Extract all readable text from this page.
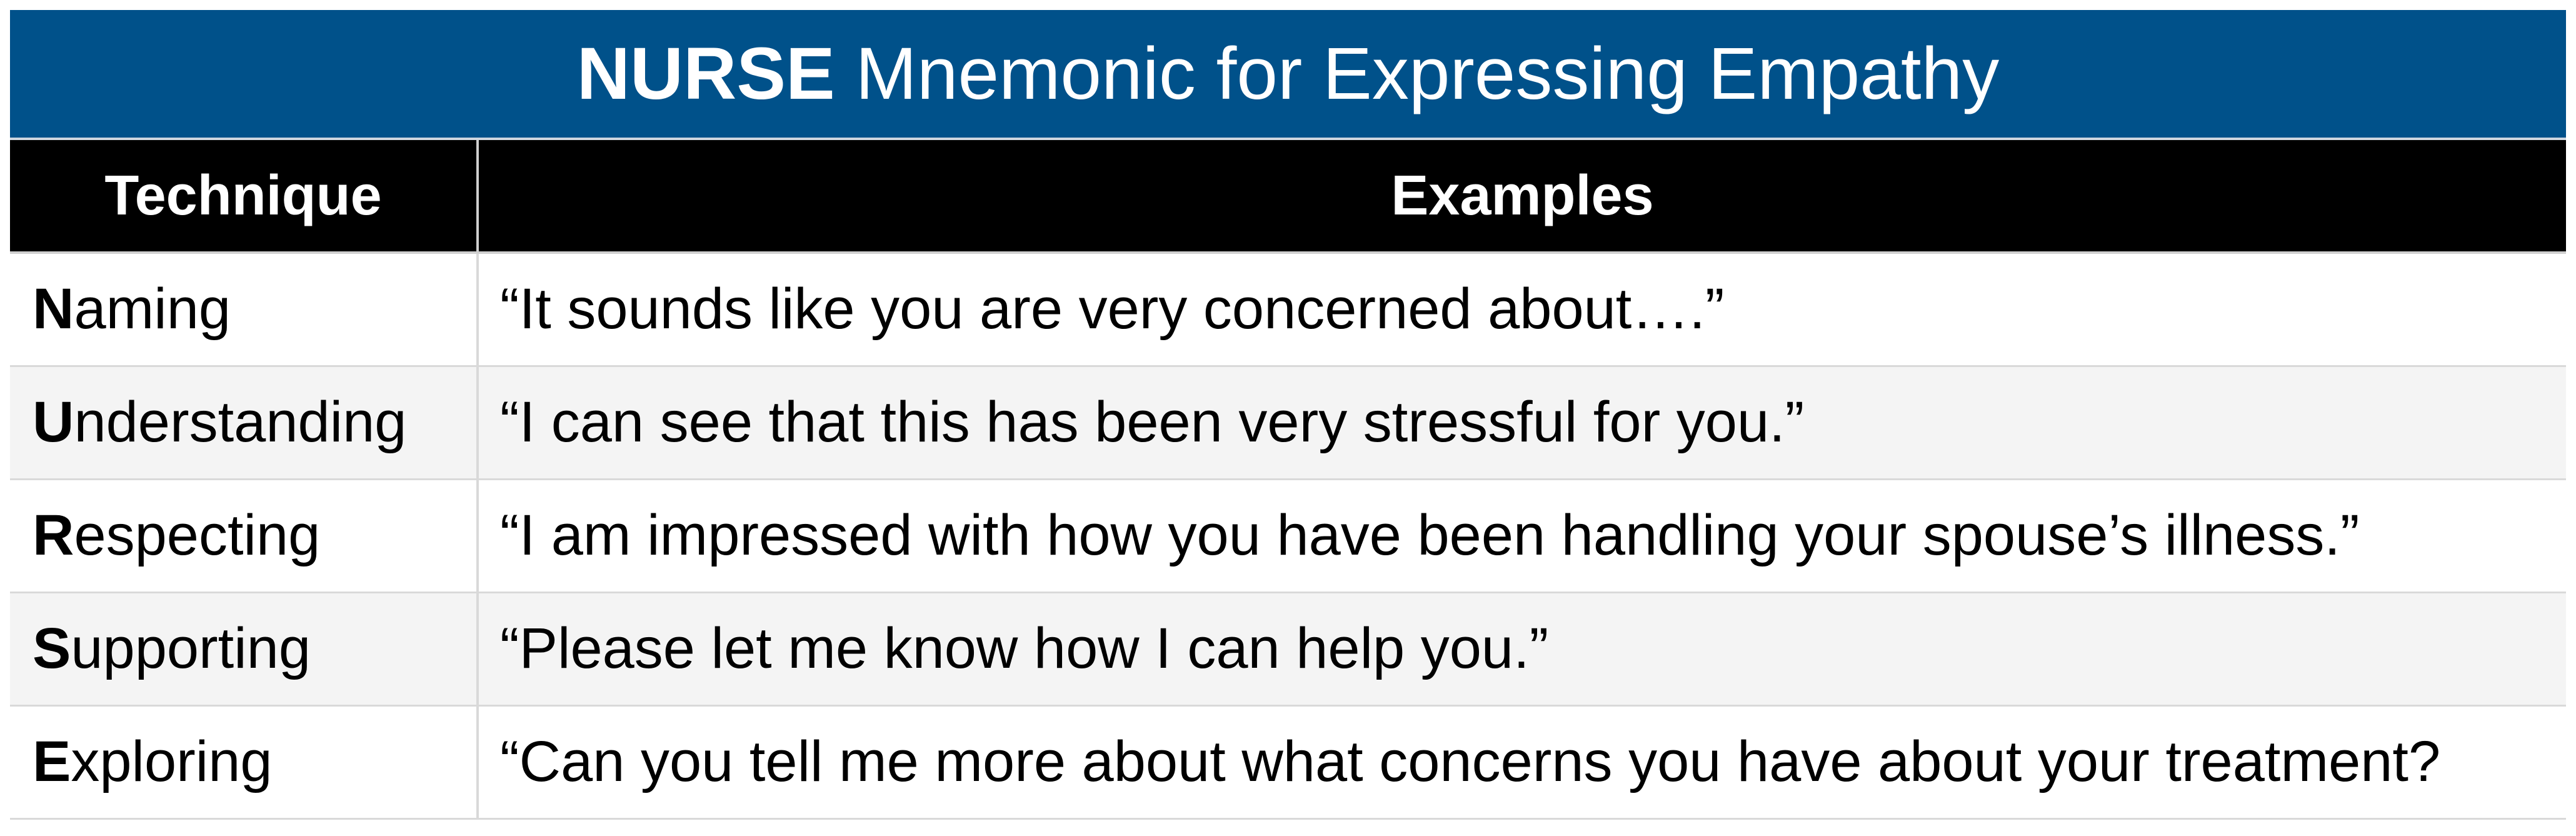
NURSE Mnemonic for Expressing Empathy
Technique	Examples
Naming	“It sounds like you are very concerned about….”
Understanding	“I can see that this has been very stressful for you.”
Respecting	“I am impressed with how you have been handling your spouse’s illness.”
Supporting	“Please let me know how I can help you.”
Exploring	“Can you tell me more about what concerns you have about your treatment?
